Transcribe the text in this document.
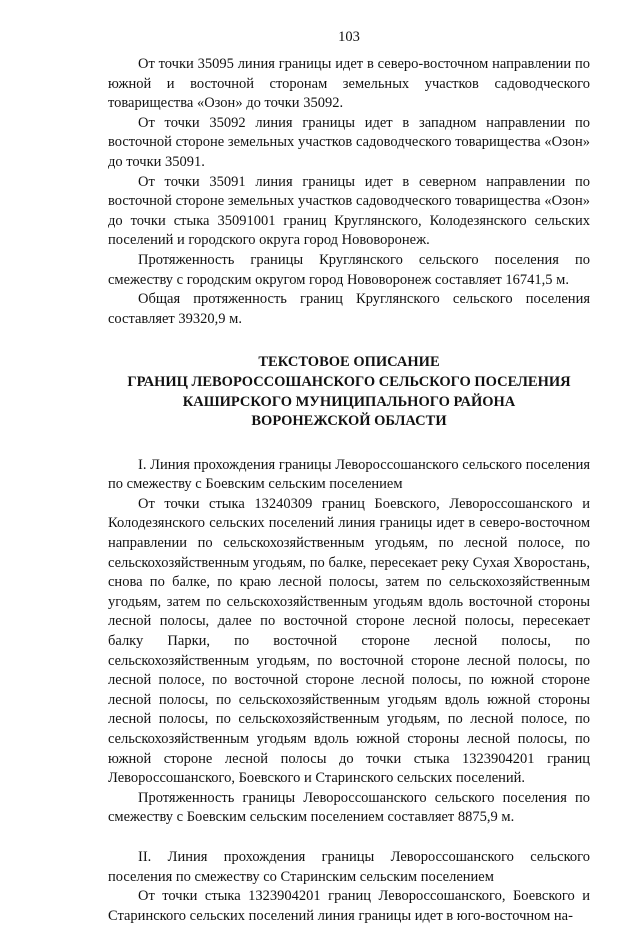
103

От точки 35095 линия границы идет в северо-восточном направлении по южной и восточной сторонам земельных участков садоводческого товарищества «Озон» до точки 35092.

От точки 35092 линия границы идет в западном направлении по восточной стороне земельных участков садоводческого товарищества «Озон» до точки 35091.

От точки 35091 линия границы идет в северном направлении по восточной стороне земельных участков садоводческого товарищества «Озон» до точки стыка 35091001 границ Круглянского, Колодезянского сельских поселений и городского округа город Нововоронеж.

Протяженность границы Круглянского сельского поселения по смежеству с городским округом город Нововоронеж составляет 16741,5 м.

Общая протяженность границ Круглянского сельского поселения составляет 39320,9 м.

ТЕКСТОВОЕ ОПИСАНИЕ
ГРАНИЦ ЛЕВОРОССОШАНСКОГО СЕЛЬСКОГО ПОСЕЛЕНИЯ
КАШИРСКОГО МУНИЦИПАЛЬНОГО РАЙОНА
ВОРОНЕЖСКОЙ ОБЛАСТИ

I. Линия прохождения границы Левороссошанского сельского поселения по смежеству с Боевским сельским поселением

От точки стыка 13240309 границ Боевского, Левороссошанского и Колодезянского сельских поселений линия границы идет в северо-восточном направлении по сельскохозяйственным угодьям, по лесной полосе, по сельскохозяйственным угодьям, по балке, пересекает реку Сухая Хворостань, снова по балке, по краю лесной полосы, затем по сельскохозяйственным угодьям, затем по сельскохозяйственным угодьям вдоль восточной стороны лесной полосы, далее по восточной стороне лесной полосы, пересекает балку Парки, по восточной стороне лесной полосы, по сельскохозяйственным угодьям, по восточной стороне лесной полосы, по лесной полосе, по восточной стороне лесной полосы, по южной стороне лесной полосы, по сельскохозяйственным угодьям вдоль южной стороны лесной полосы, по сельскохозяйственным угодьям, по лесной полосе, по сельскохозяйственным угодьям вдоль южной стороны лесной полосы, по южной стороне лесной полосы до точки стыка 1323904201 границ Левороссошанского, Боевского и Старинского сельских поселений.

Протяженность границы Левороссошанского сельского поселения по смежеству с Боевским сельским поселением составляет 8875,9 м.

II. Линия прохождения границы Левороссошанского сельского поселения по смежеству со Старинским сельским поселением

От точки стыка 1323904201 границ Левороссошанского, Боевского и Старинского сельских поселений линия границы идет в юго-восточном на-
